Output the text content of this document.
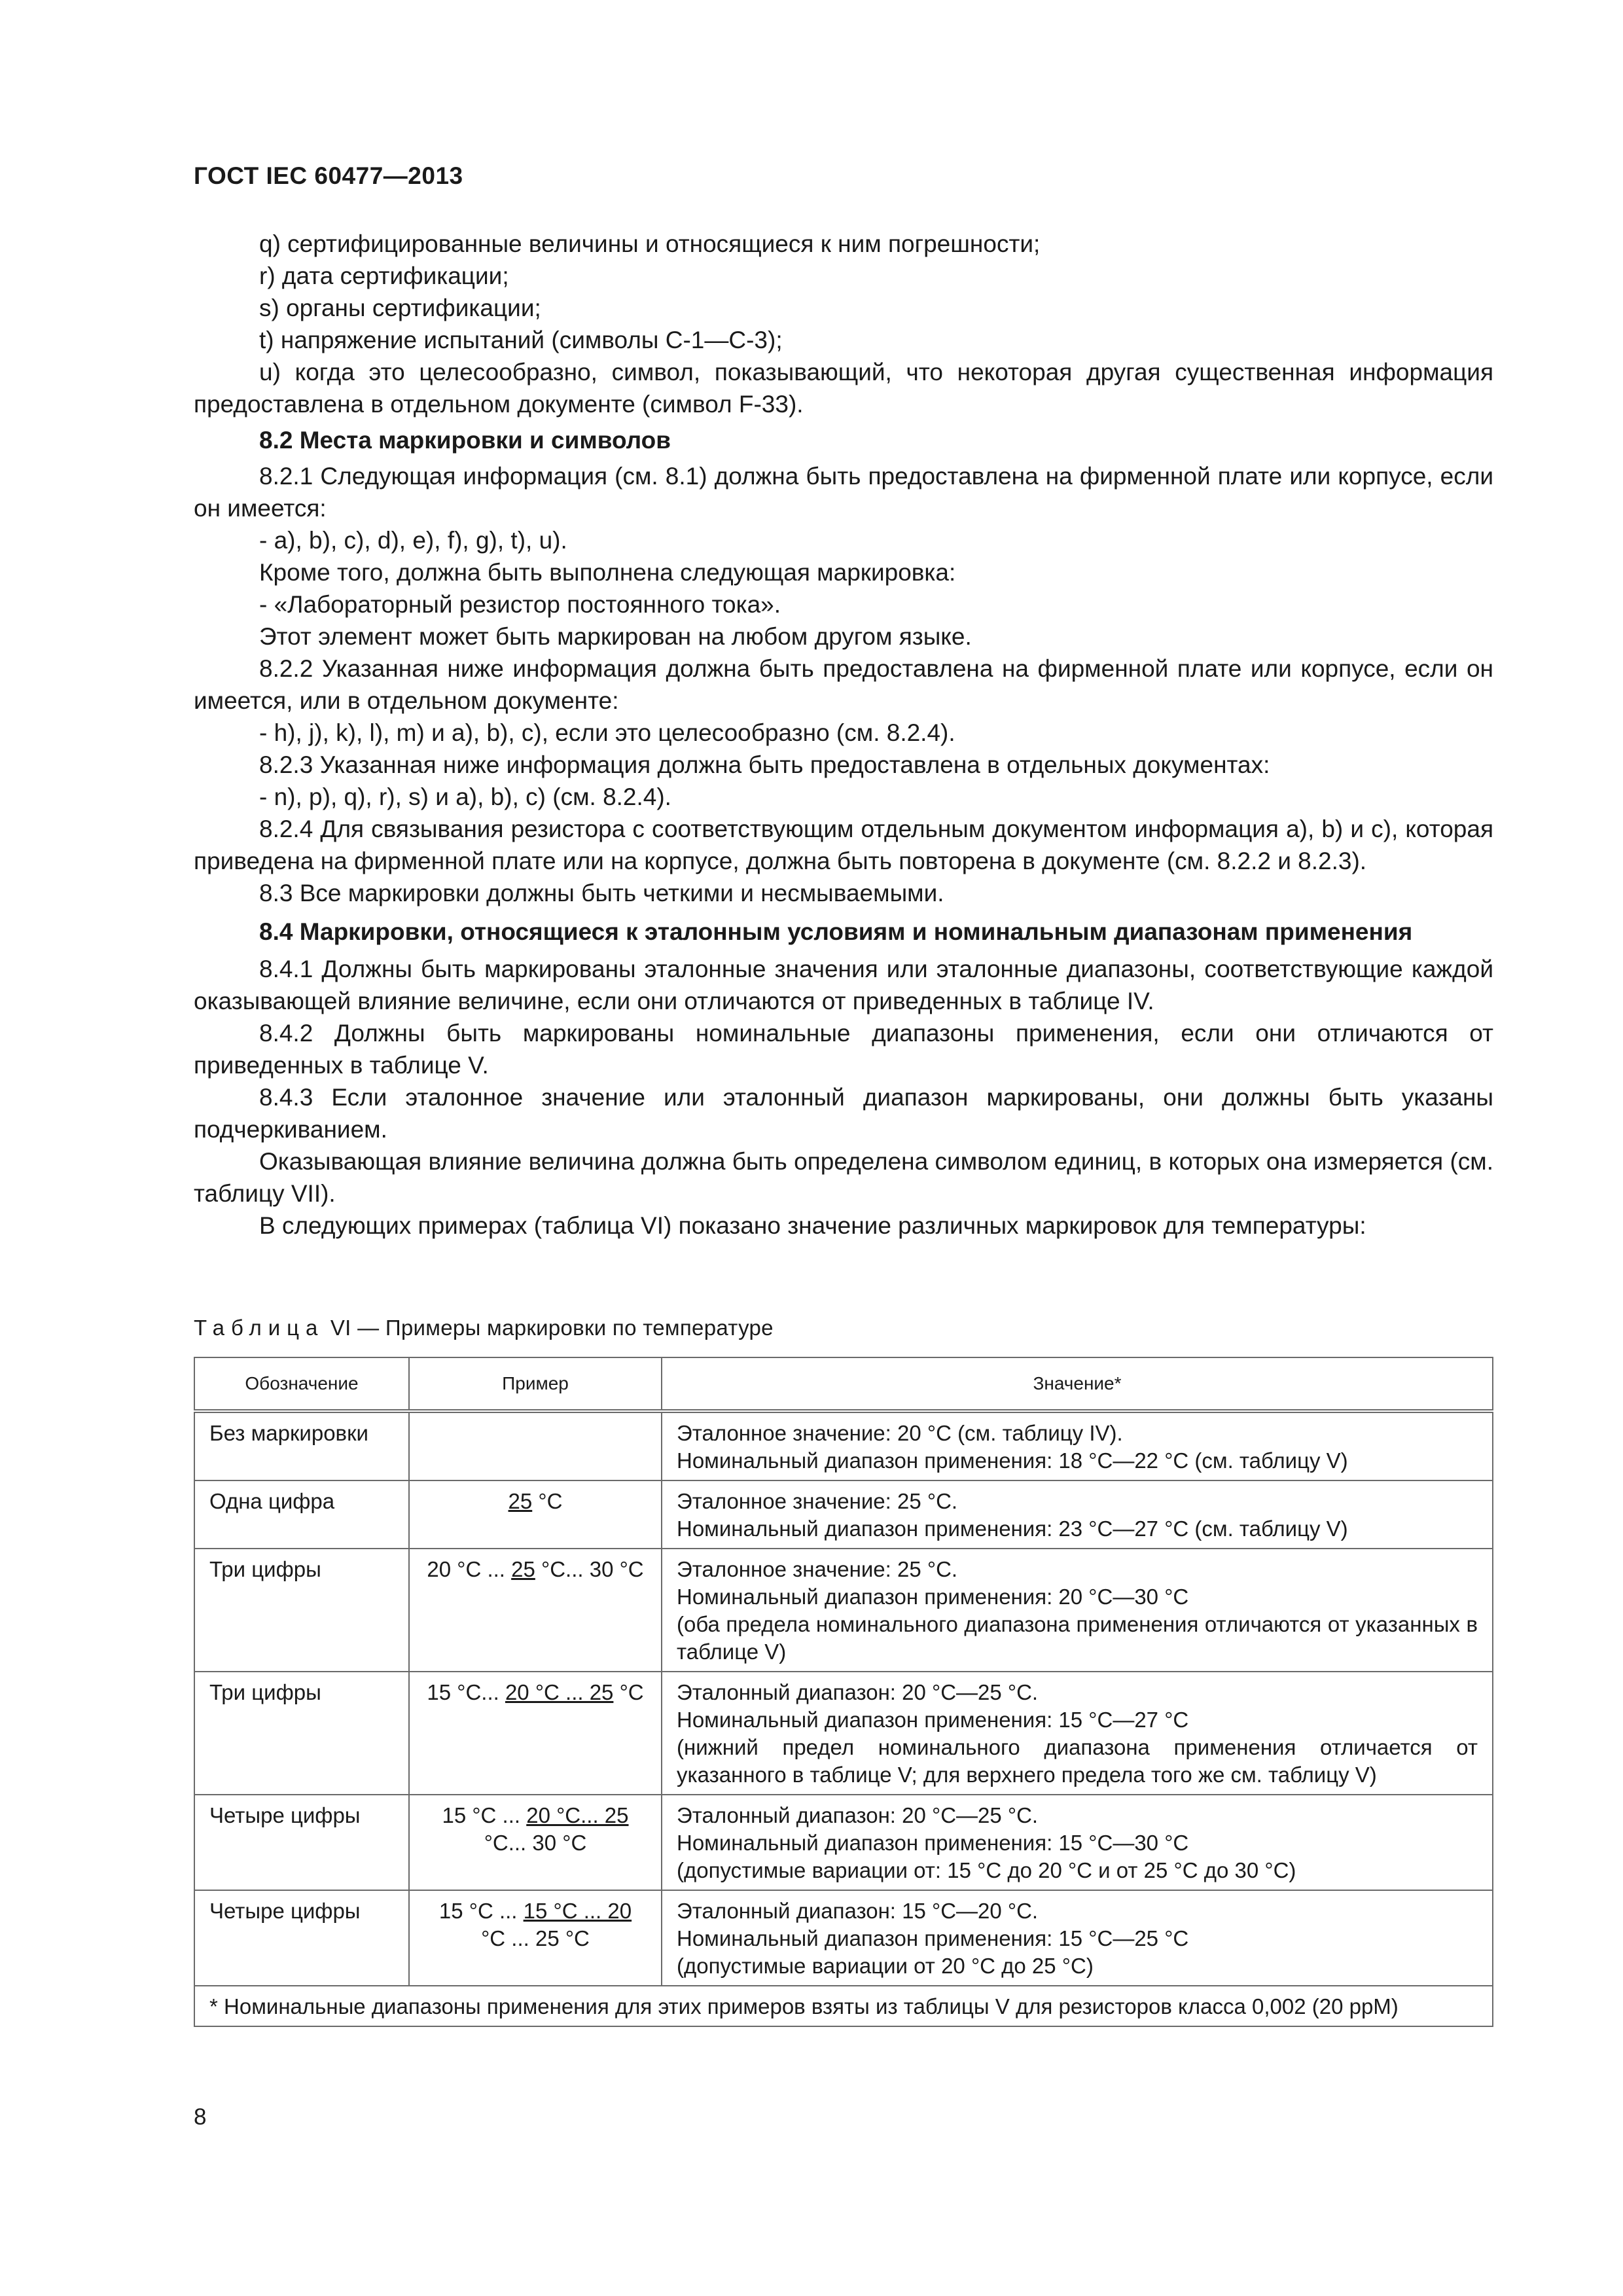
ГОСТ IEC 60477—2013

q) сертифицированные величины и относящиеся к ним погрешности;

r) дата сертификации;

s) органы сертификации;

t) напряжение испытаний (символы C-1—C-3);

u) когда это целесообразно, символ, показывающий, что некоторая другая существенная информация предоставлена в отдельном документе (символ F-33).

8.2 Места маркировки и символов

8.2.1 Следующая информация (см. 8.1) должна быть предоставлена на фирменной плате или корпусе, если он имеется:

- a), b), c), d), e), f), g), t), u).

Кроме того, должна быть выполнена следующая маркировка:

- «Лабораторный резистор постоянного тока».

Этот элемент может быть маркирован на любом другом языке.

8.2.2 Указанная ниже информация должна быть предоставлена на фирменной плате или корпусе, если он имеется, или в отдельном документе:

- h), j), k), l), m) и a), b), c), если это целесообразно (см. 8.2.4).

8.2.3 Указанная ниже информация должна быть предоставлена в отдельных документах:

- n), p), q), r), s) и a), b), c) (см. 8.2.4).

8.2.4 Для связывания резистора с соответствующим отдельным документом информация a), b) и c), которая приведена на фирменной плате или на корпусе, должна быть повторена в документе (см. 8.2.2 и 8.2.3).

8.3 Все маркировки должны быть четкими и несмываемыми.

8.4 Маркировки, относящиеся к эталонным условиям и номинальным диапазонам применения

8.4.1 Должны быть маркированы эталонные значения или эталонные диапазоны, соответствующие каждой оказывающей влияние величине, если они отличаются от приведенных в таблице IV.

8.4.2 Должны быть маркированы номинальные диапазоны применения, если они отличаются от приведенных в таблице V.

8.4.3 Если эталонное значение или эталонный диапазон маркированы, они должны быть указаны подчеркиванием.

Оказывающая влияние величина должна быть определена символом единиц, в которых она измеряется (см. таблицу VII).

В следующих примерах (таблица VI) показано значение различных маркировок для температуры:

Таблица VI — Примеры маркировки по температуре
Обозначение	Пример	Значение*
Без маркировки		Эталонное значение: 20 °C (см. таблицу IV).
Номинальный диапазон применения: 18 °C—22 °C (см. таблицу V)

Одна цифра	25 °C	Эталонное значение: 25 °C.
Номинальный диапазон применения: 23 °C—27 °C (см. таблицу V)

Три цифры	20 °C ... 25 °C... 30 °C	Эталонное значение: 25 °C.
Номинальный диапазон применения: 20 °C—30 °C
(оба предела номинального диапазона применения отличаются от указанных в таблице V)

Три цифры	15 °C... 20 °C ... 25 °C	Эталонный диапазон: 20 °C—25 °C.
Номинальный диапазон применения: 15 °C—27 °C
(нижний предел номинального диапазона применения отличается от указанного в таблице V; для верхнего предела того же см. таблицу V)

Четыре цифры	15 °C ... 20 °C... 25 °C... 30 °C	Эталонный диапазон: 20 °C—25 °C.
Номинальный диапазон применения: 15 °C—30 °C
(допустимые вариации от: 15 °C до 20 °C и от 25 °C до 30 °C)

Четыре цифры	15 °C ... 15 °C ... 20 °C ... 25 °C	Эталонный диапазон: 15 °C—20 °C.
Номинальный диапазон применения: 15 °C—25 °C
(допустимые вариации от 20 °C до 25 °C)

* Номинальные диапазоны применения для этих примеров взяты из таблицы V для резисторов класса 0,002 (20 ppM)		
8
